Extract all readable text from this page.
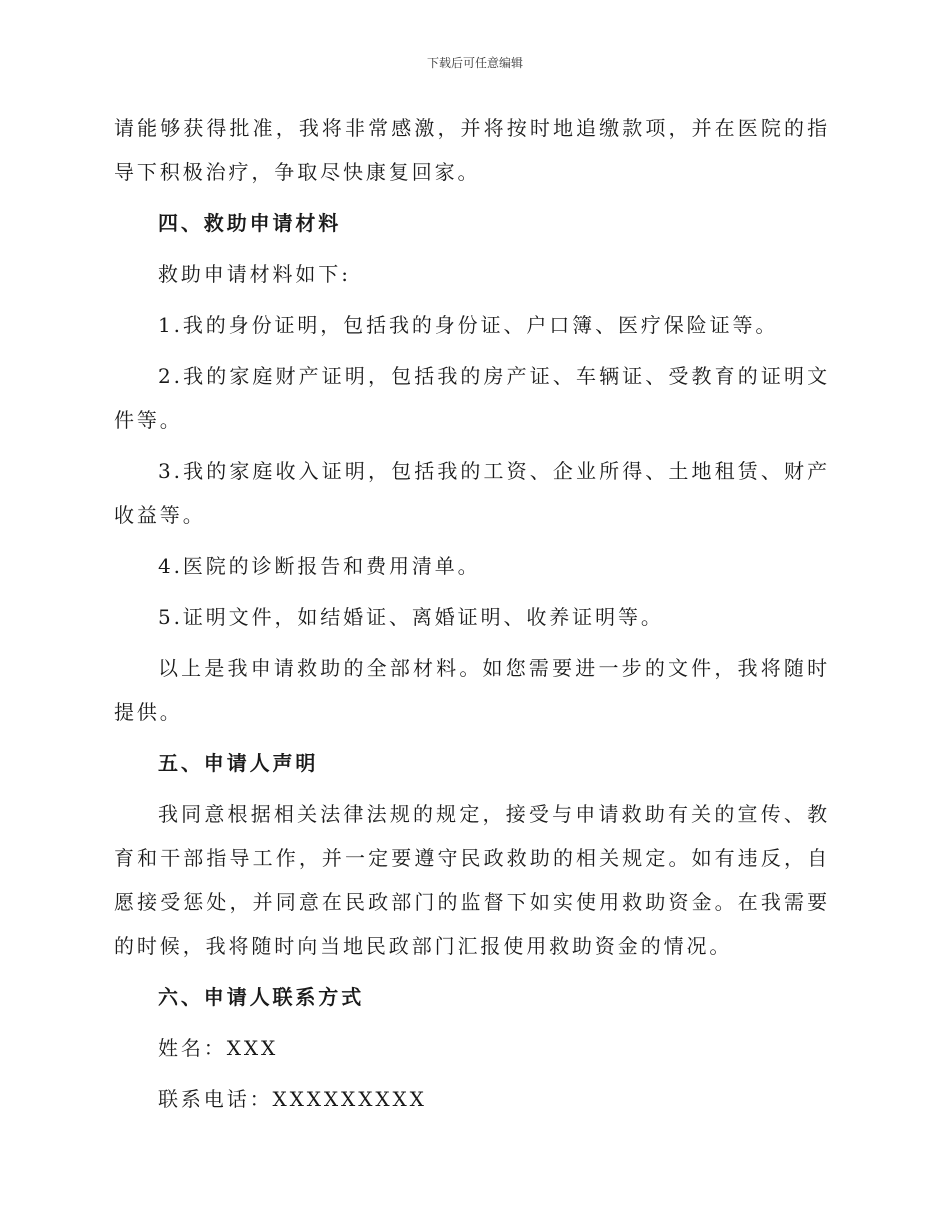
下载后可任意编辑

请能够获得批准，我将非常感激，并将按时地追缴款项，并在医院的指导下积极治疗，争取尽快康复回家。

四、救助申请材料

救助申请材料如下:

1.我的身份证明，包括我的身份证、户口簿、医疗保险证等。

2.我的家庭财产证明，包括我的房产证、车辆证、受教育的证明文件等。

3.我的家庭收入证明，包括我的工资、企业所得、土地租赁、财产收益等。

4.医院的诊断报告和费用清单。

5.证明文件，如结婚证、离婚证明、收养证明等。

以上是我申请救助的全部材料。如您需要进一步的文件，我将随时提供。

五、申请人声明

我同意根据相关法律法规的规定，接受与申请救助有关的宣传、教育和干部指导工作，并一定要遵守民政救助的相关规定。如有违反，自愿接受惩处，并同意在民政部门的监督下如实使用救助资金。在我需要的时候，我将随时向当地民政部门汇报使用救助资金的情况。

六、申请人联系方式

姓名：XXX

联系电话：XXXXXXXXX
